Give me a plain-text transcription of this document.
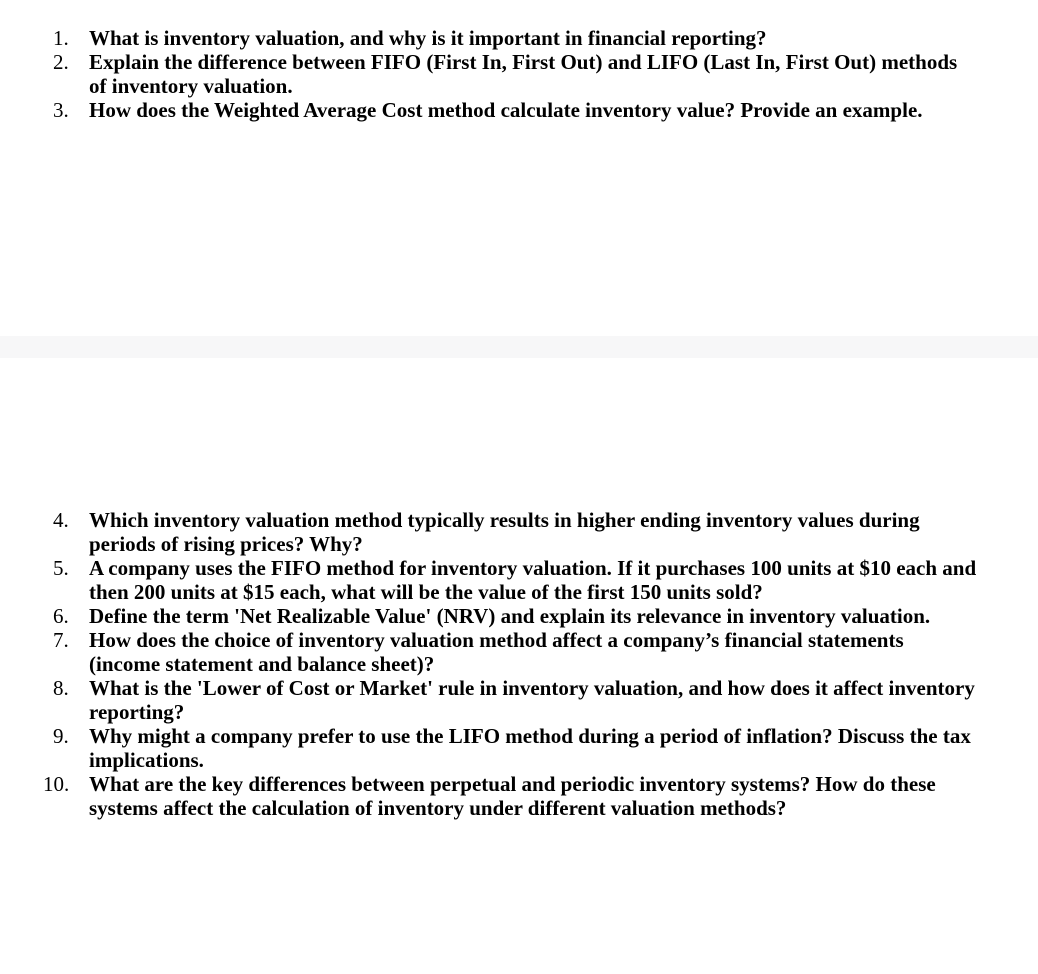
1. What is inventory valuation, and why is it important in financial reporting?
2. Explain the difference between FIFO (First In, First Out) and LIFO (Last In, First Out) methods of inventory valuation.
3. How does the Weighted Average Cost method calculate inventory value? Provide an example.
4. Which inventory valuation method typically results in higher ending inventory values during periods of rising prices? Why?
5. A company uses the FIFO method for inventory valuation. If it purchases 100 units at $10 each and then 200 units at $15 each, what will be the value of the first 150 units sold?
6. Define the term 'Net Realizable Value' (NRV) and explain its relevance in inventory valuation.
7. How does the choice of inventory valuation method affect a company’s financial statements (income statement and balance sheet)?
8. What is the 'Lower of Cost or Market' rule in inventory valuation, and how does it affect inventory reporting?
9. Why might a company prefer to use the LIFO method during a period of inflation? Discuss the tax implications.
10. What are the key differences between perpetual and periodic inventory systems? How do these systems affect the calculation of inventory under different valuation methods?
